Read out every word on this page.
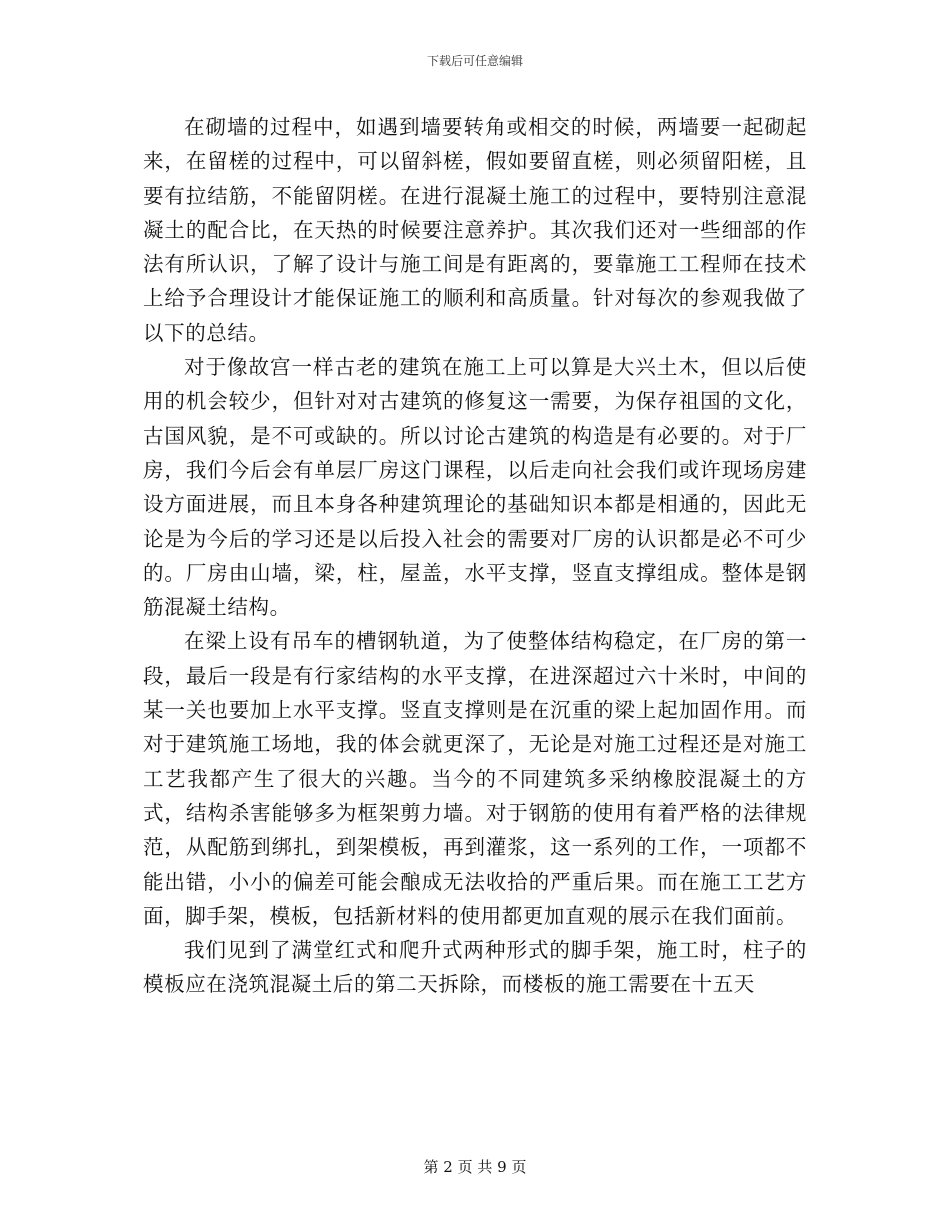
下载后可任意编辑

在砌墙的过程中，如遇到墙要转角或相交的时候，两墙要一起砌起来，在留槎的过程中，可以留斜槎，假如要留直槎，则必须留阳槎，且要有拉结筋，不能留阴槎。在进行混凝土施工的过程中，要特别注意混凝土的配合比，在天热的时候要注意养护。其次我们还对一些细部的作法有所认识，了解了设计与施工间是有距离的，要靠施工工程师在技术上给予合理设计才能保证施工的顺利和高质量。针对每次的参观我做了以下的总结。

对于像故宫一样古老的建筑在施工上可以算是大兴土木，但以后使用的机会较少，但针对对古建筑的修复这一需要，为保存祖国的文化，古国风貌，是不可或缺的。所以讨论古建筑的构造是有必要的。对于厂房，我们今后会有单层厂房这门课程，以后走向社会我们或许现场房建设方面进展，而且本身各种建筑理论的基础知识本都是相通的，因此无论是为今后的学习还是以后投入社会的需要对厂房的认识都是必不可少的。厂房由山墙，梁，柱，屋盖，水平支撑，竖直支撑组成。整体是钢筋混凝土结构。

在梁上设有吊车的槽钢轨道，为了使整体结构稳定，在厂房的第一段，最后一段是有行家结构的水平支撑，在进深超过六十米时，中间的某一关也要加上水平支撑。竖直支撑则是在沉重的梁上起加固作用。而对于建筑施工场地，我的体会就更深了，无论是对施工过程还是对施工工艺我都产生了很大的兴趣。当今的不同建筑多采纳橡胶混凝土的方式，结构杀害能够多为框架剪力墙。对于钢筋的使用有着严格的法律规范，从配筋到绑扎，到架模板，再到灌浆，这一系列的工作，一项都不能出错，小小的偏差可能会酿成无法收拾的严重后果。而在施工工艺方面，脚手架，模板，包括新材料的使用都更加直观的展示在我们面前。

我们见到了满堂红式和爬升式两种形式的脚手架，施工时，柱子的模板应在浇筑混凝土后的第二天拆除，而楼板的施工需要在十五天

第 2 页 共 9 页
